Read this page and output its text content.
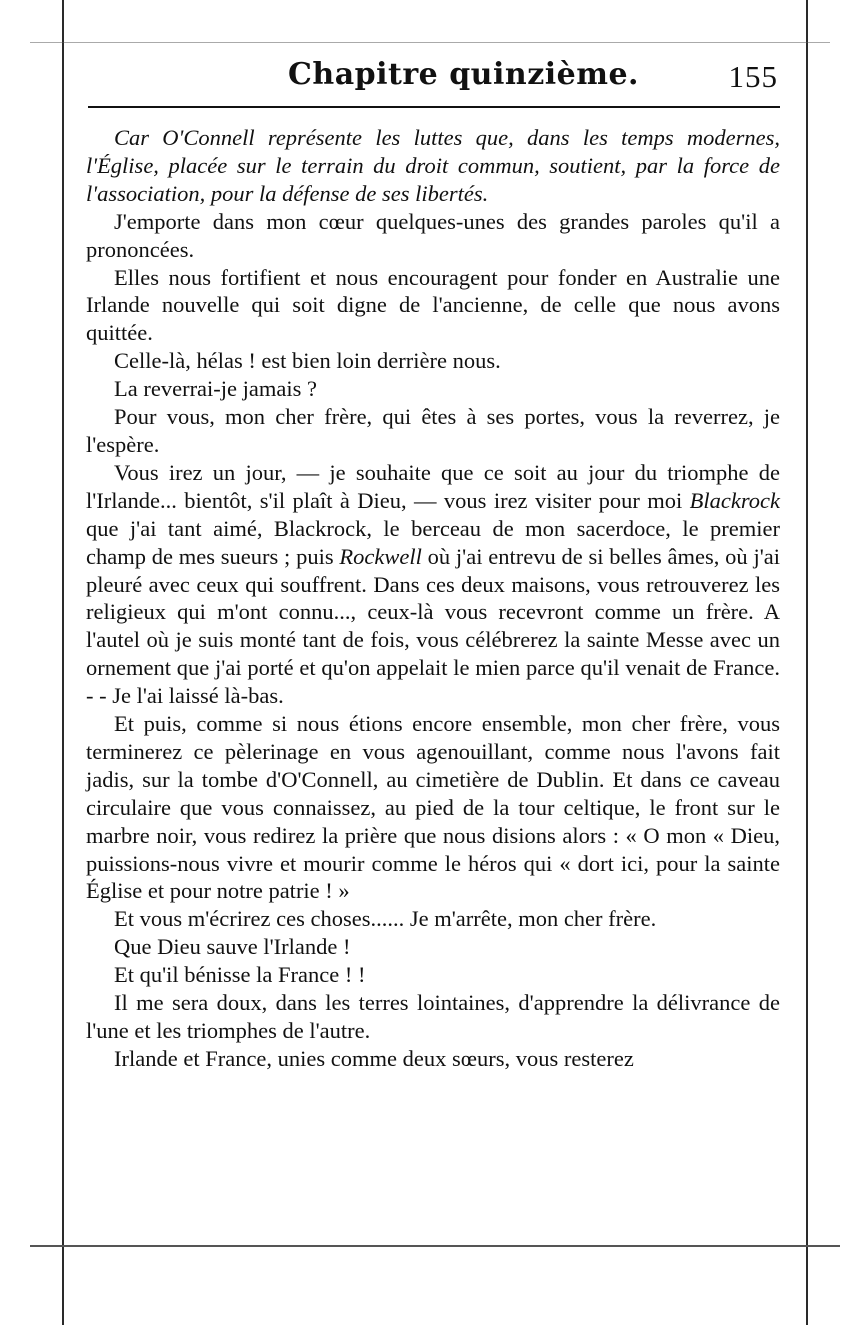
Chapitre quinzième.	155

Car O'Connell représente les luttes que, dans les temps modernes, l'Église, placée sur le terrain du droit commun, soutient, par la force de l'association, pour la défense de ses libertés.

J'emporte dans mon cœur quelques-unes des grandes paroles qu'il a prononcées.

Elles nous fortifient et nous encouragent pour fonder en Australie une Irlande nouvelle qui soit digne de l'ancienne, de celle que nous avons quittée.

Celle-là, hélas ! est bien loin derrière nous.

La reverrai-je jamais ?

Pour vous, mon cher frère, qui êtes à ses portes, vous la reverrez, je l'espère.

Vous irez un jour, — je souhaite que ce soit au jour du triomphe de l'Irlande... bientôt, s'il plaît à Dieu, — vous irez visiter pour moi Blackrock que j'ai tant aimé, Blackrock, le berceau de mon sacerdoce, le premier champ de mes sueurs ; puis Rockwell où j'ai entrevu de si belles âmes, où j'ai pleuré avec ceux qui souffrent. Dans ces deux maisons, vous retrouverez les religieux qui m'ont connu..., ceux-là vous recevront comme un frère. A l'autel où je suis monté tant de fois, vous célébrerez la sainte Messe avec un ornement que j'ai porté et qu'on appelait le mien parce qu'il venait de France. - - Je l'ai laissé là-bas.

Et puis, comme si nous étions encore ensemble, mon cher frère, vous terminerez ce pèlerinage en vous agenouillant, comme nous l'avons fait jadis, sur la tombe d'O'Connell, au cimetière de Dublin. Et dans ce caveau circulaire que vous connaissez, au pied de la tour celtique, le front sur le marbre noir, vous redirez la prière que nous disions alors : « O mon « Dieu, puissions-nous vivre et mourir comme le héros qui « dort ici, pour la sainte Église et pour notre patrie ! »

Et vous m'écrirez ces choses...... Je m'arrête, mon cher frère.

Que Dieu sauve l'Irlande !

Et qu'il bénisse la France ! !

Il me sera doux, dans les terres lointaines, d'apprendre la délivrance de l'une et les triomphes de l'autre.

Irlande et France, unies comme deux sœurs, vous resterez
